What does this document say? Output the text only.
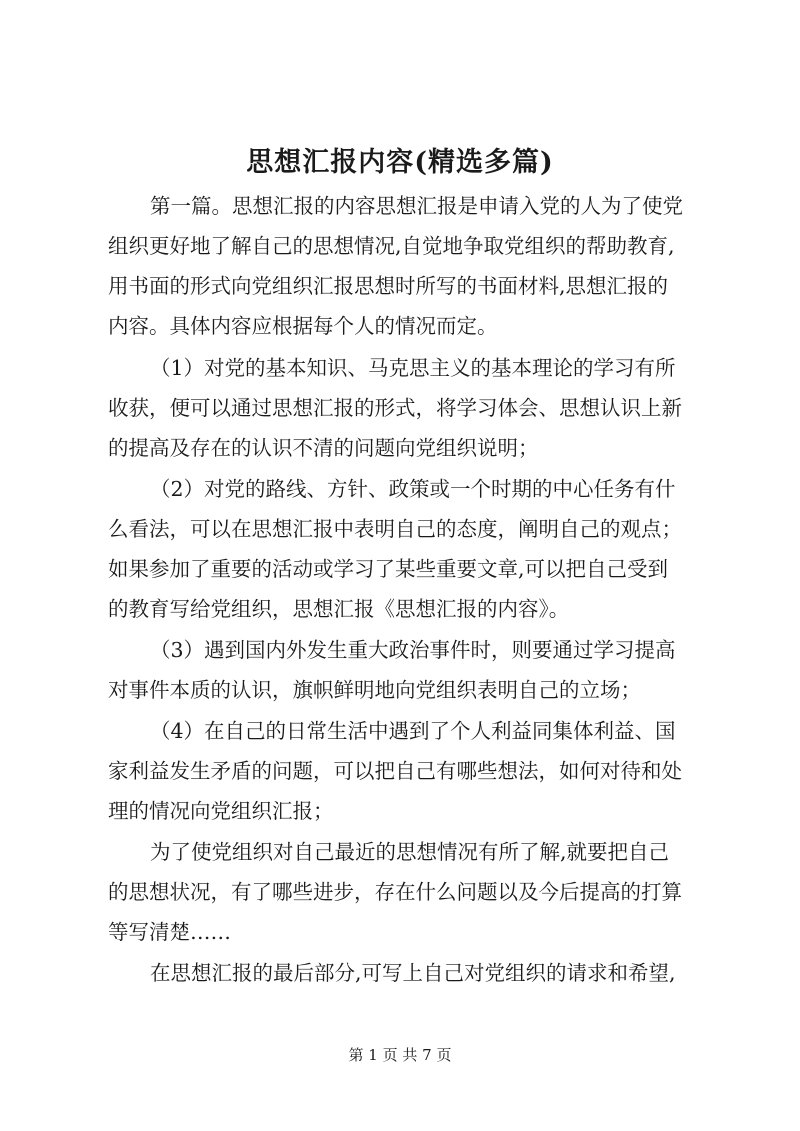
思想汇报内容(精选多篇)
第一篇。思想汇报的内容思想汇报是申请入党的人为了使党
组织更好地了解自己的思想情况,自觉地争取党组织的帮助教育,
用书面的形式向党组织汇报思想时所写的书面材料,思想汇报的
内容。具体内容应根据每个人的情况而定。
（1）对党的基本知识、马克思主义的基本理论的学习有所
收获，便可以通过思想汇报的形式，将学习体会、思想认识上新
的提高及存在的认识不清的问题向党组织说明；
（2）对党的路线、方针、政策或一个时期的中心任务有什
么看法，可以在思想汇报中表明自己的态度，阐明自己的观点；
如果参加了重要的活动或学习了某些重要文章,可以把自己受到
的教育写给党组织，思想汇报《思想汇报的内容》。
（3）遇到国内外发生重大政治事件时，则要通过学习提高
对事件本质的认识，旗帜鲜明地向党组织表明自己的立场；
（4）在自己的日常生活中遇到了个人利益同集体利益、国
家利益发生矛盾的问题，可以把自己有哪些想法，如何对待和处
理的情况向党组织汇报；
为了使党组织对自己最近的思想情况有所了解,就要把自己
的思想状况，有了哪些进步，存在什么问题以及今后提高的打算
等写清楚……
在思想汇报的最后部分,可写上自己对党组织的请求和希望,
第 1 页 共 7 页
